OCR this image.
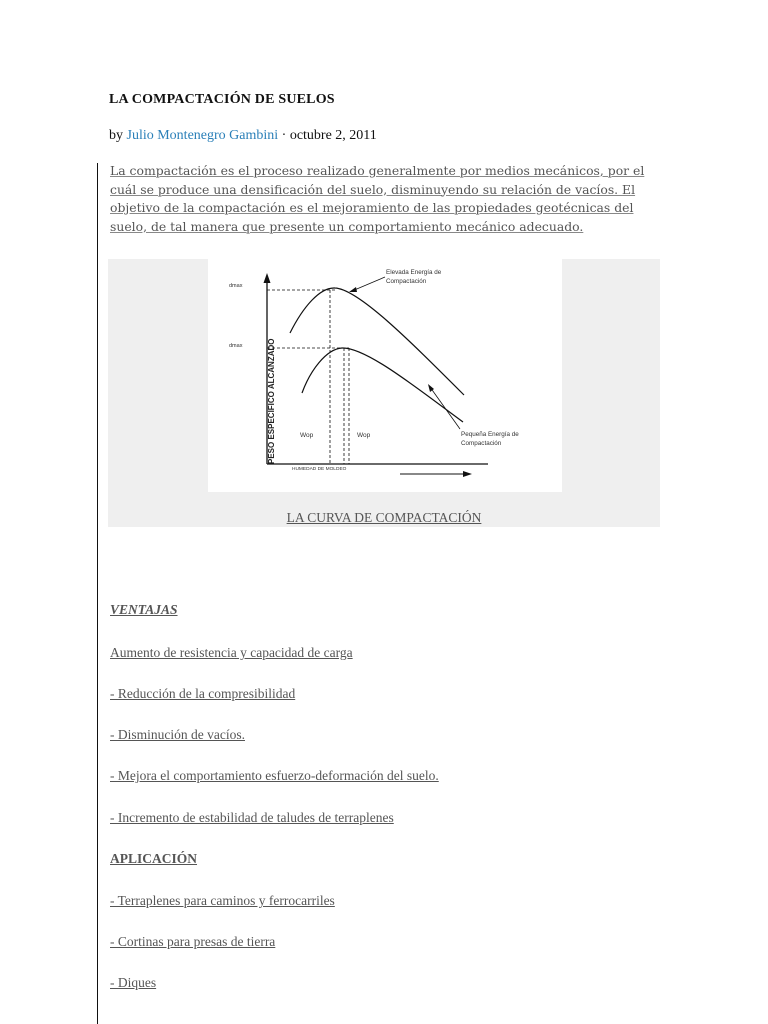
LA COMPACTACIÓN DE SUELOS
by Julio Montenegro Gambini · octubre 2, 2011

La compactación es el proceso realizado generalmente por medios mecánicos, por el cuál se produce una densificación del suelo, disminuyendo su relación de vacíos. El objetivo de la compactación es el mejoramiento de las propiedades geotécnicas del suelo, de tal manera que presente un comportamiento mecánico adecuado.

dmax
dmax
Wop	Wop
Elevada Energía de
Compactación
Pequeña Energía de
Compactación
HUMEDAD DE MOLDEO
PESO ESPECIFICO ALCANZADO
LA CURVA DE COMPACTACIÓN
VENTAJAS
Aumento de resistencia y capacidad de carga
- Reducción de la compresibilidad
- Disminución de vacíos.
- Mejora el comportamiento esfuerzo-deformación del suelo.
- Incremento de estabilidad de taludes de terraplenes
APLICACIÓN
- Terraplenes para caminos y ferrocarriles
- Cortinas para presas de tierra
- Diques
